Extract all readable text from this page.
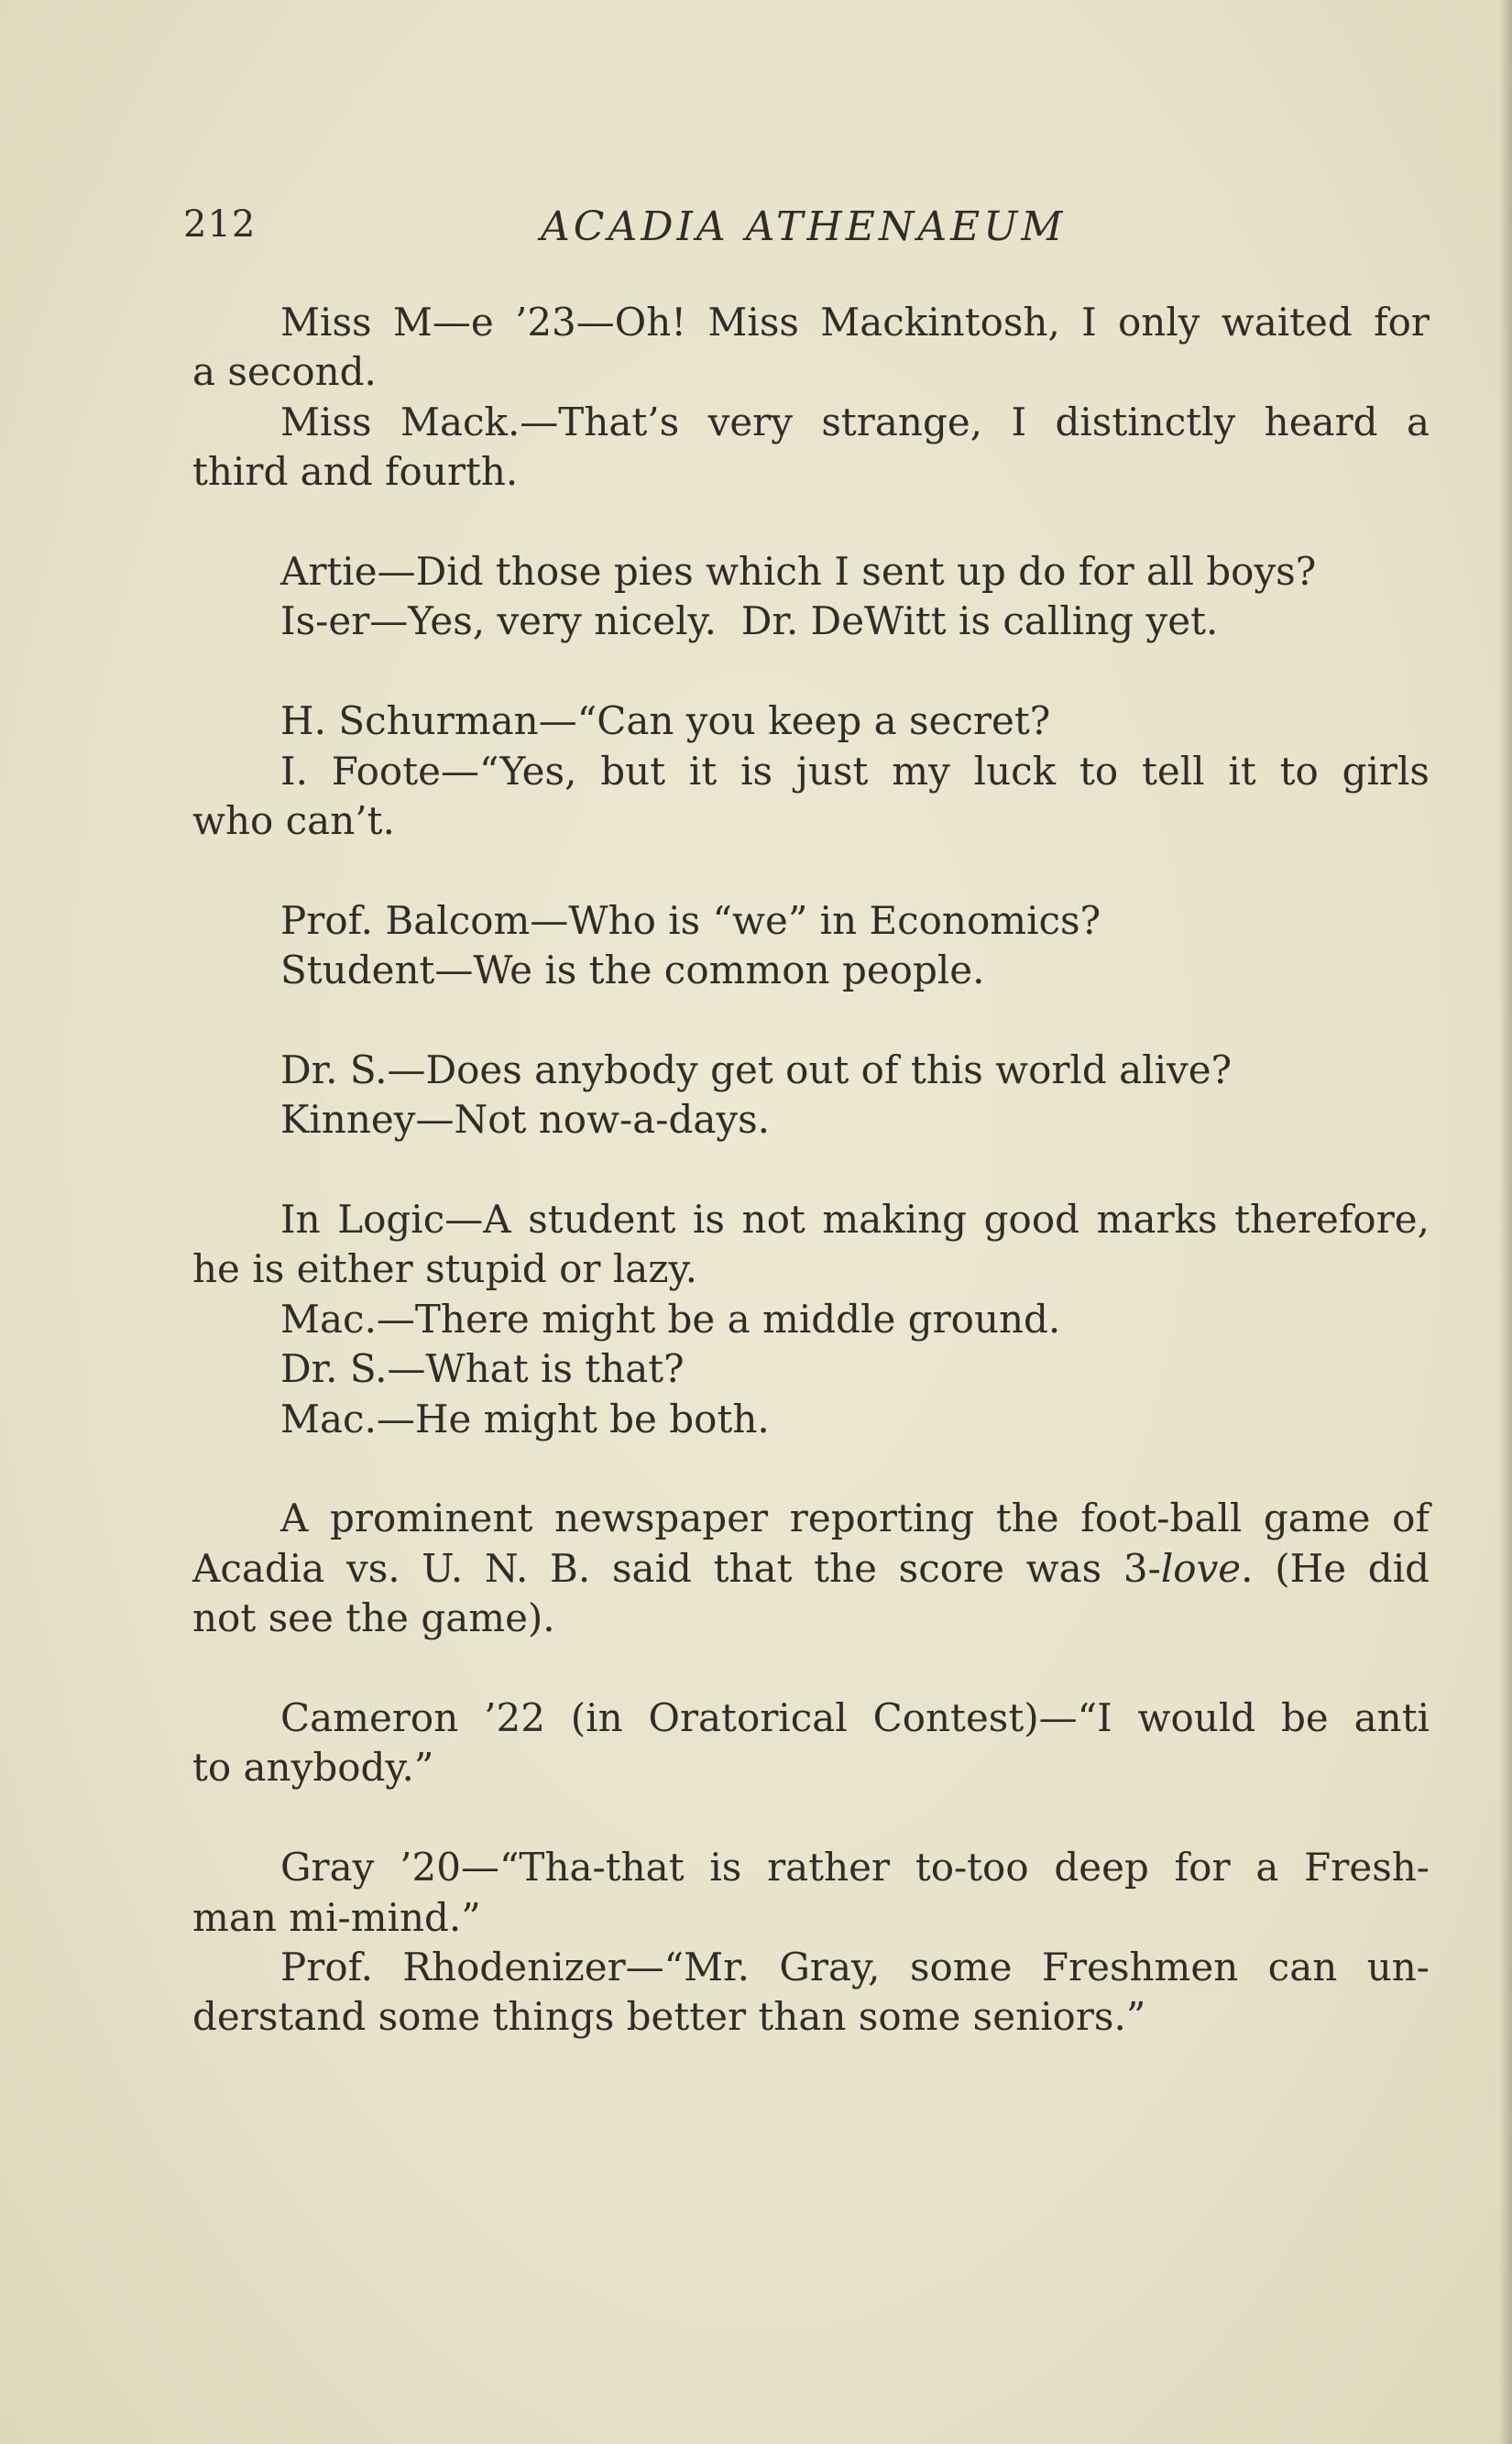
212	ACADIA ATHENAEUM
Miss M—e ’23—Oh! Miss Mackintosh, I only waited for
a second.
Miss Mack.—That’s very strange, I distinctly heard a
third and fourth.
Artie—Did those pies which I sent up do for all boys?
Is-er—Yes, very nicely.  Dr. DeWitt is calling yet.
H. Schurman—“Can you keep a secret?
I. Foote—“Yes, but it is just my luck to tell it to girls
who can’t.
Prof. Balcom—Who is “we” in Economics?
Student—We is the common people.
Dr. S.—Does anybody get out of this world alive?
Kinney—Not now-a-days.
In Logic—A student is not making good marks therefore,
he is either stupid or lazy.
Mac.—There might be a middle ground.
Dr. S.—What is that?
Mac.—He might be both.
A prominent newspaper reporting the foot-ball game of
Acadia vs. U. N. B. said that the score was 3-love. (He did
not see the game).
Cameron ’22 (in Oratorical Contest)—“I would be anti
to anybody.”
Gray ’20—“Tha-that is rather to-too deep for a Fresh-
man mi-mind.”
Prof. Rhodenizer—“Mr. Gray, some Freshmen can un-
derstand some things better than some seniors.”
